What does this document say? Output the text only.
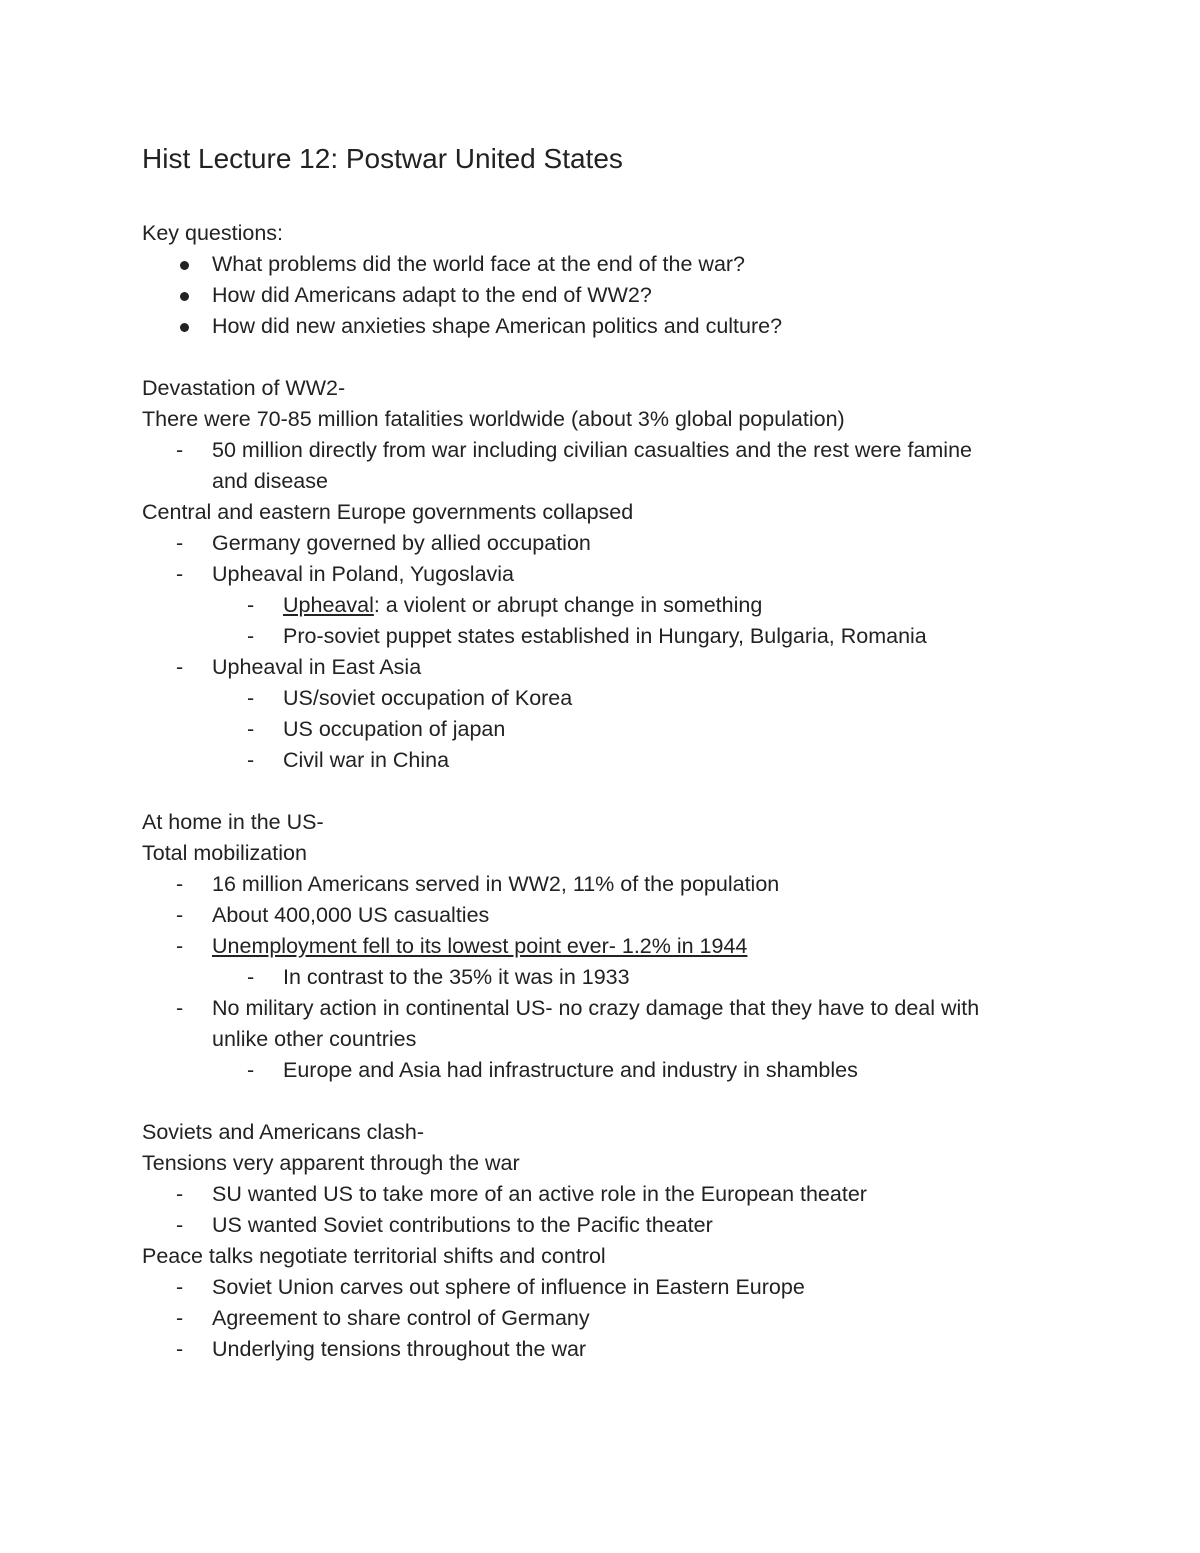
Hist Lecture 12: Postwar United States
Key questions:
What problems did the world face at the end of the war?
How did Americans adapt to the end of WW2?
How did new anxieties shape American politics and culture?
Devastation of WW2-
There were 70-85 million fatalities worldwide (about 3% global population)
- 50 million directly from war including civilian casualties and the rest were famine
and disease
Central and eastern Europe governments collapsed
- Germany governed by allied occupation
- Upheaval in Poland, Yugoslavia
- Upheaval: a violent or abrupt change in something
- Pro-soviet puppet states established in Hungary, Bulgaria, Romania
- Upheaval in East Asia
- US/soviet occupation of Korea
- US occupation of japan
- Civil war in China
At home in the US-
Total mobilization
- 16 million Americans served in WW2, 11% of the population
- About 400,000 US casualties
- Unemployment fell to its lowest point ever- 1.2% in 1944
- In contrast to the 35% it was in 1933
- No military action in continental US- no crazy damage that they have to deal with
unlike other countries
- Europe and Asia had infrastructure and industry in shambles
Soviets and Americans clash-
Tensions very apparent through the war
- SU wanted US to take more of an active role in the European theater
- US wanted Soviet contributions to the Pacific theater
Peace talks negotiate territorial shifts and control
- Soviet Union carves out sphere of influence in Eastern Europe
- Agreement to share control of Germany
- Underlying tensions throughout the war
